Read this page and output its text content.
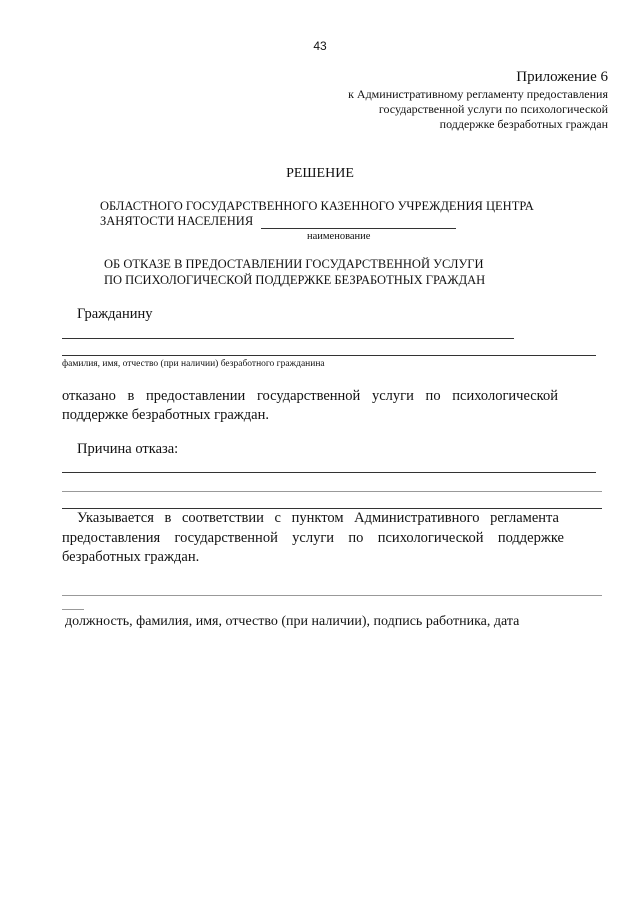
43
Приложение 6
к Административному регламенту предоставления
государственной услуги по психологической
поддержке безработных граждан
РЕШЕНИЕ
ОБЛАСТНОГО ГОСУДАРСТВЕННОГО КАЗЕННОГО УЧРЕЖДЕНИЯ ЦЕНТРА
ЗАНЯТОСТИ НАСЕЛЕНИЯ
наименование
ОБ ОТКАЗЕ В ПРЕДОСТАВЛЕНИИ ГОСУДАРСТВЕННОЙ УСЛУГИ
ПО ПСИХОЛОГИЧЕСКОЙ ПОДДЕРЖКЕ БЕЗРАБОТНЫХ ГРАЖДАН
Гражданину
фамилия, имя, отчество (при наличии) безработного гражданина
отказано в предоставлении государственной услуги по психологической
поддержке безработных граждан.
Причина отказа:
Указывается в соответствии с пунктом Административного регламента
предоставления государственной услуги по психологической поддержке
безработных граждан.
должность, фамилия, имя, отчество (при наличии), подпись работника, дата
